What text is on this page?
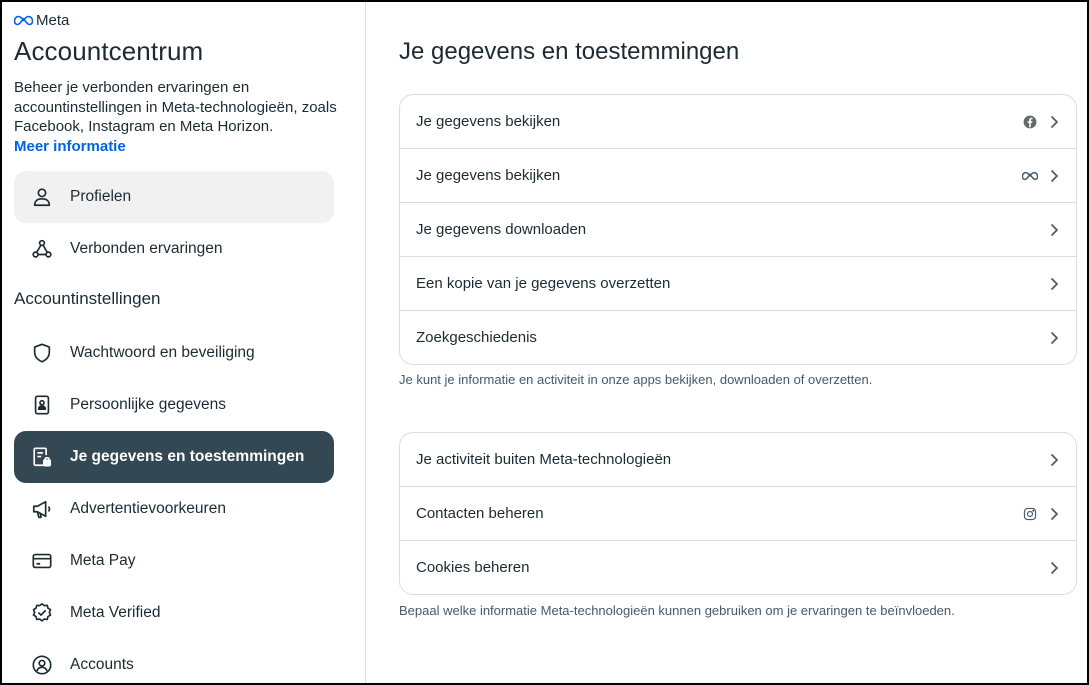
Meta
Accountcentrum
Beheer je verbonden ervaringen en accountinstellingen in Meta-technologieën, zoals Facebook, Instagram en Meta Horizon.
Meer informatie
Profielen
Verbonden ervaringen
Accountinstellingen
Wachtwoord en beveiliging
Persoonlijke gegevens
Je gegevens en toestemmingen
Advertentievoorkeuren
Meta Pay
Meta Verified
Accounts
Je gegevens en toestemmingen
Je gegevens bekijken
Je gegevens bekijken
Je gegevens downloaden
Een kopie van je gegevens overzetten
Zoekgeschiedenis
Je kunt je informatie en activiteit in onze apps bekijken, downloaden of overzetten.
Je activiteit buiten Meta-technologieën
Contacten beheren
Cookies beheren
Bepaal welke informatie Meta-technologieën kunnen gebruiken om je ervaringen te beïnvloeden.
